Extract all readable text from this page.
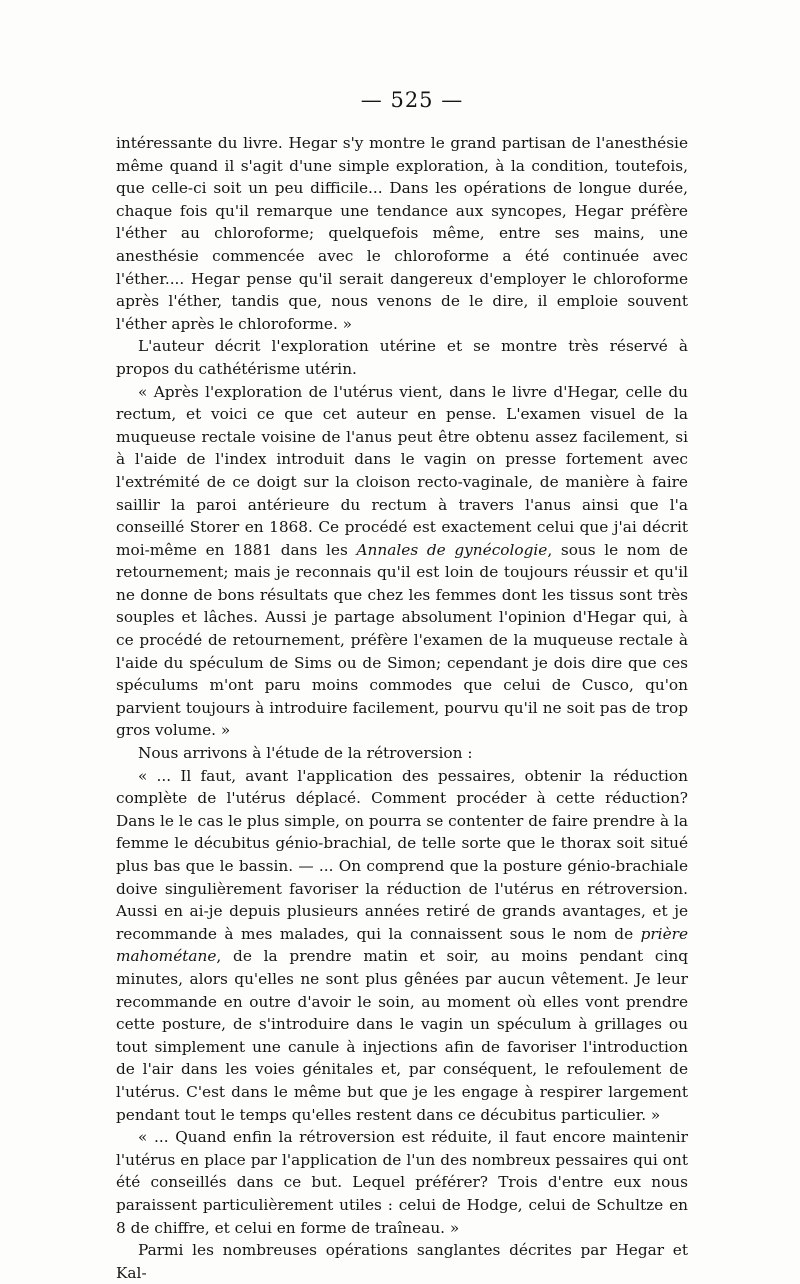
— 525 —

intéressante du livre. Hegar s'y montre le grand partisan de l'anesthésie même quand il s'agit d'une simple exploration, à la condition, toutefois, que celle-ci soit un peu difficile... Dans les opérations de longue durée, chaque fois qu'il remarque une tendance aux syncopes, Hegar préfère l'éther au chloroforme; quelquefois même, entre ses mains, une anesthésie commencée avec le chloroforme a été continuée avec l'éther.... Hegar pense qu'il serait dangereux d'employer le chloroforme après l'éther, tandis que, nous venons de le dire, il emploie souvent l'éther après le chloroforme. »

L'auteur décrit l'exploration utérine et se montre très réservé à propos du cathétérisme utérin.

« Après l'exploration de l'utérus vient, dans le livre d'Hegar, celle du rectum, et voici ce que cet auteur en pense. L'examen visuel de la muqueuse rectale voisine de l'anus peut être obtenu assez facilement, si à l'aide de l'index introduit dans le vagin on presse fortement avec l'extrémité de ce doigt sur la cloison recto-vaginale, de manière à faire saillir la paroi antérieure du rectum à travers l'anus ainsi que l'a conseillé Storer en 1868. Ce procédé est exactement celui que j'ai décrit moi-même en 1881 dans les Annales de gynécologie, sous le nom de retournement; mais je reconnais qu'il est loin de toujours réussir et qu'il ne donne de bons résultats que chez les femmes dont les tissus sont très souples et lâches. Aussi je partage absolument l'opinion d'Hegar qui, à ce procédé de retournement, préfère l'examen de la muqueuse rectale à l'aide du spéculum de Sims ou de Simon; cependant je dois dire que ces spéculums m'ont paru moins commodes que celui de Cusco, qu'on parvient toujours à introduire facilement, pourvu qu'il ne soit pas de trop gros volume. »

Nous arrivons à l'étude de la rétroversion :

« ... Il faut, avant l'application des pessaires, obtenir la réduction complète de l'utérus déplacé. Comment procéder à cette réduction? Dans le le cas le plus simple, on pourra se contenter de faire prendre à la femme le décubitus génio-brachial, de telle sorte que le thorax soit situé plus bas que le bassin. — ... On comprend que la posture génio-brachiale doive singulièrement favoriser la réduction de l'utérus en rétroversion. Aussi en ai-je depuis plusieurs années retiré de grands avantages, et je recommande à mes malades, qui la connaissent sous le nom de prière mahométane, de la prendre matin et soir, au moins pendant cinq minutes, alors qu'elles ne sont plus gênées par aucun vêtement. Je leur recommande en outre d'avoir le soin, au moment où elles vont prendre cette posture, de s'introduire dans le vagin un spéculum à grillages ou tout simplement une canule à injections afin de favoriser l'introduction de l'air dans les voies génitales et, par conséquent, le refoulement de l'utérus. C'est dans le même but que je les engage à respirer largement pendant tout le temps qu'elles restent dans ce décubitus particulier. »

« ... Quand enfin la rétroversion est réduite, il faut encore maintenir l'utérus en place par l'application de l'un des nombreux pessaires qui ont été conseillés dans ce but. Lequel préférer? Trois d'entre eux nous paraissent particulièrement utiles : celui de Hodge, celui de Schultze en 8 de chiffre, et celui en forme de traîneau. »

Parmi les nombreuses opérations sanglantes décrites par Hegar et Kal-
